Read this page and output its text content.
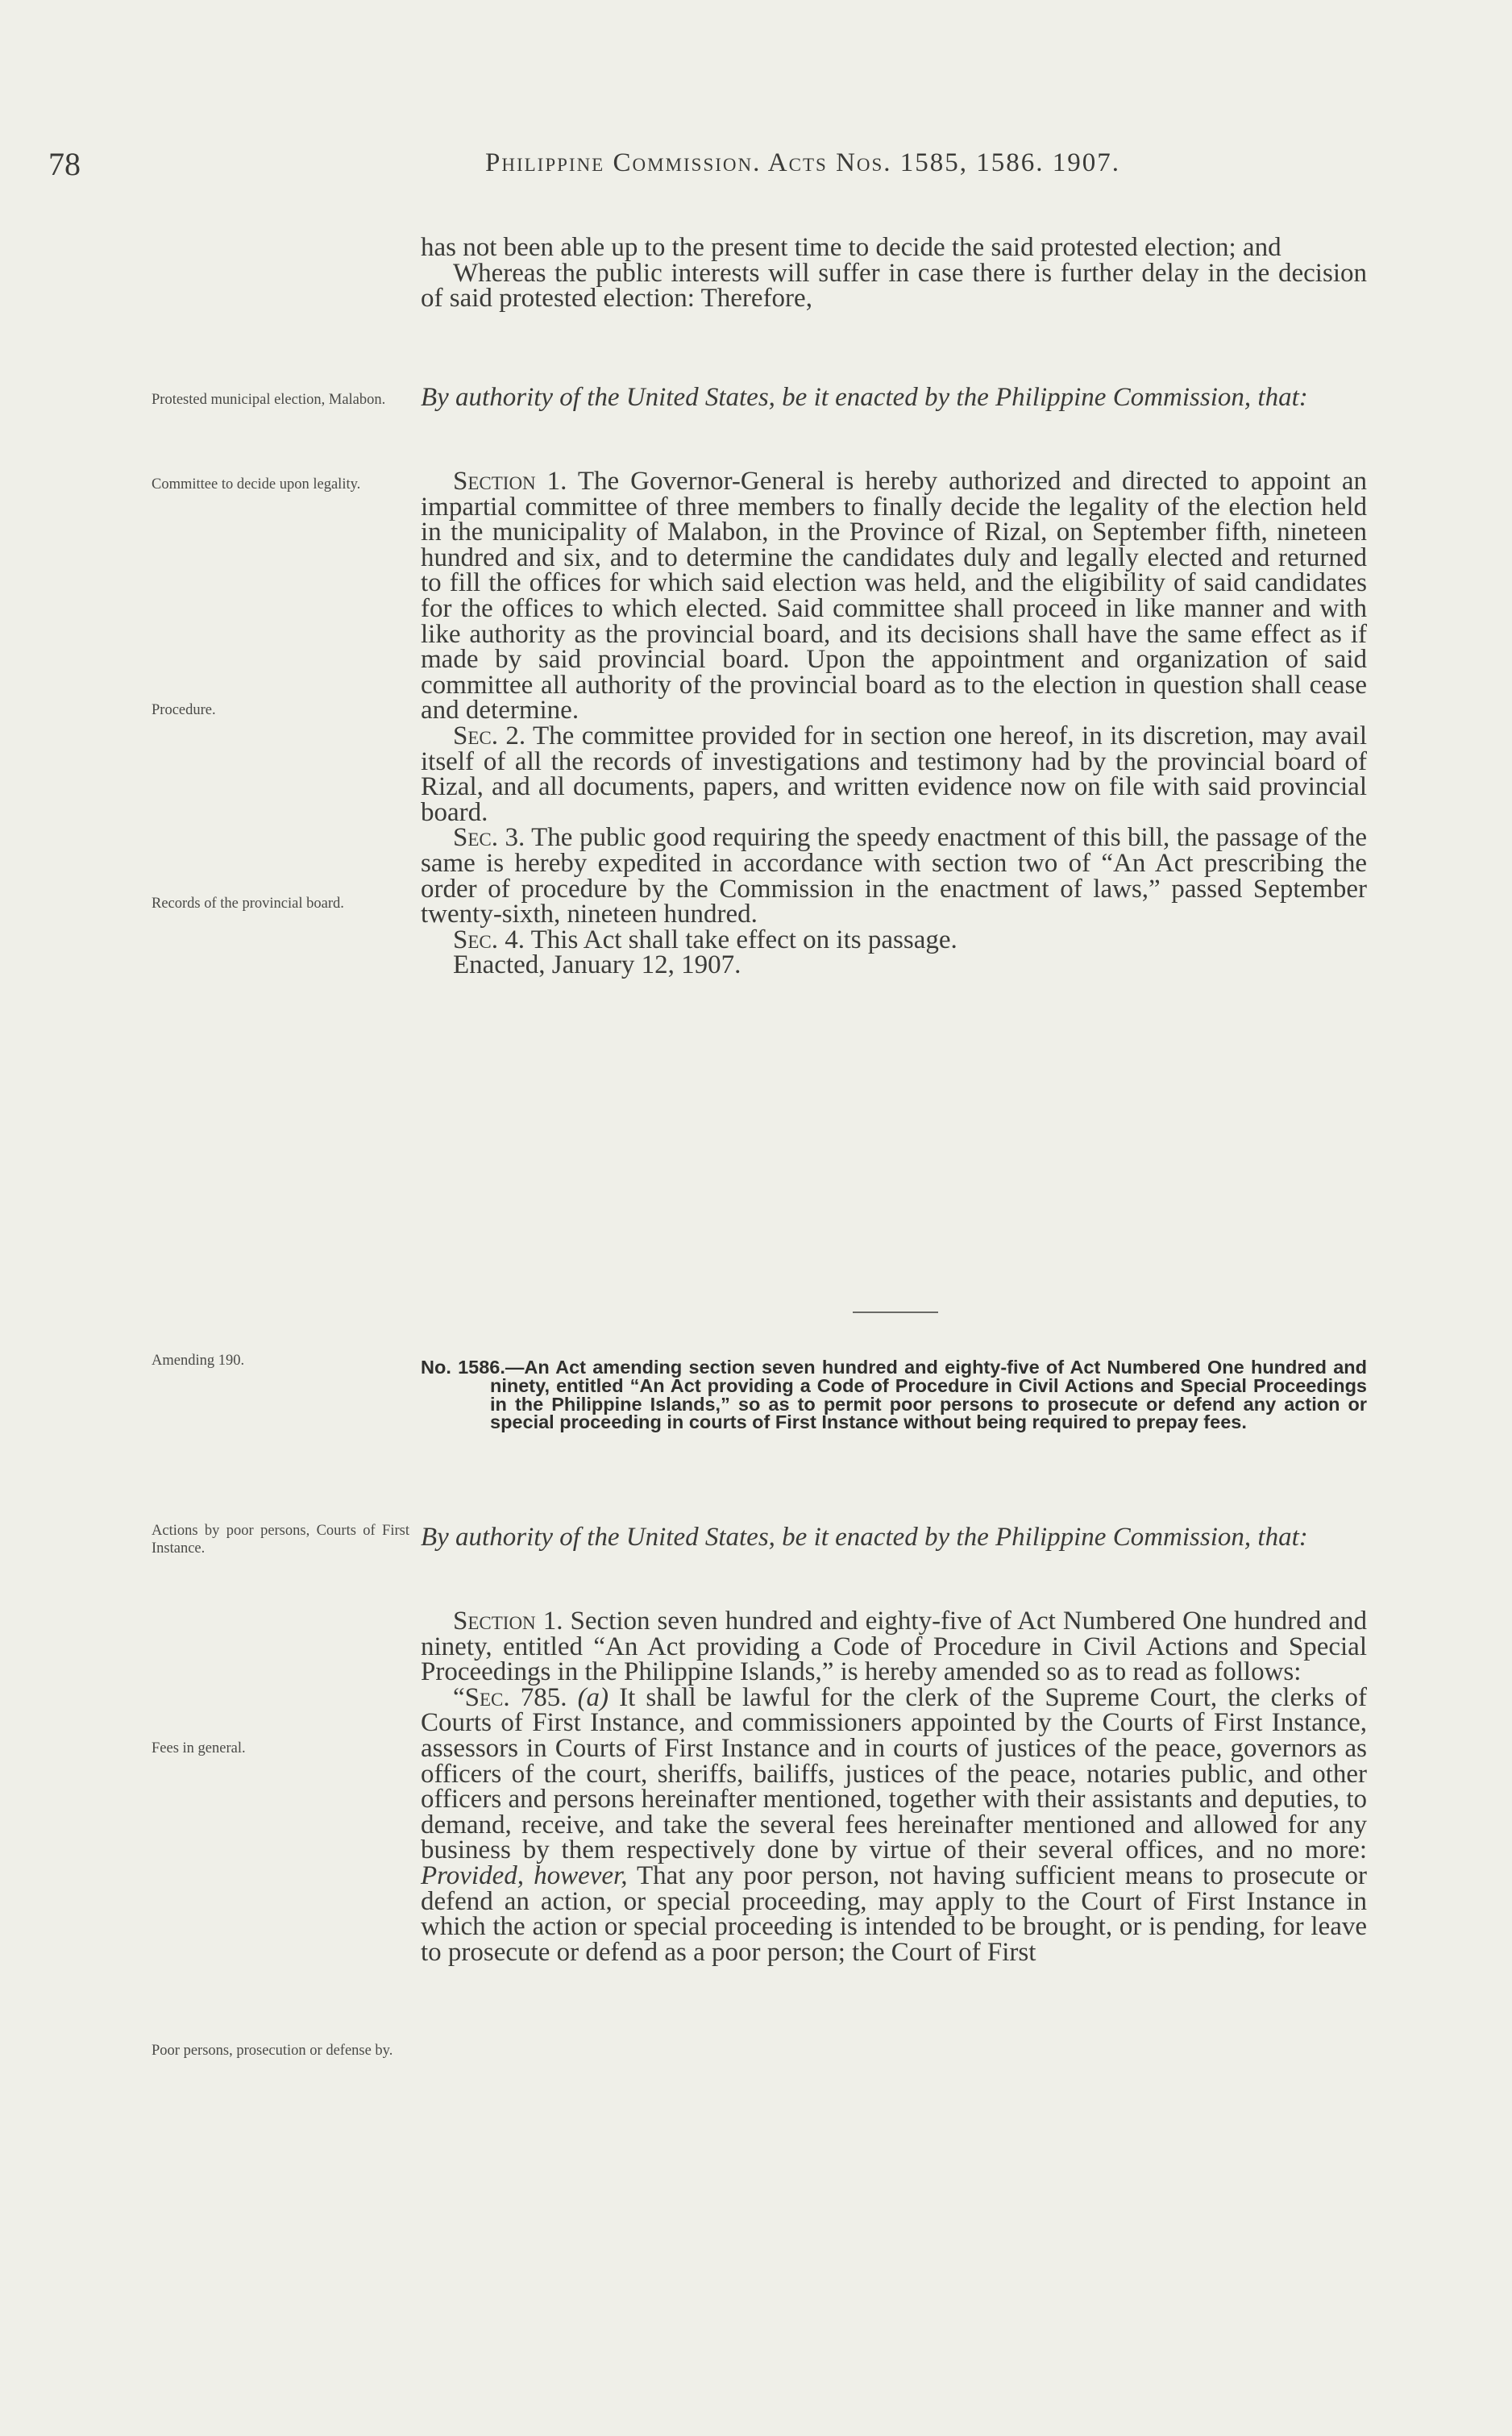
78	Philippine Commission. Acts Nos. 1585, 1586. 1907.
Protested municipal election, Malabon.
Committee to decide upon legality.
Procedure.
Records of the provincial board.
Amending 190.
Actions by poor persons, Courts of First Instance.
Fees in general.
Poor persons, prosecution or defense by.

has not been able up to the present time to decide the said protested election; and

Whereas the public interests will suffer in case there is further delay in the decision of said protested election: Therefore,

By authority of the United States, be it enacted by the Philippine Commission, that:

Section 1. The Governor-General is hereby authorized and directed to appoint an impartial committee of three members to finally decide the legality of the election held in the municipality of Malabon, in the Province of Rizal, on September fifth, nineteen hundred and six, and to determine the candidates duly and legally elected and returned to fill the offices for which said election was held, and the eligibility of said candidates for the offices to which elected. Said committee shall proceed in like manner and with like authority as the provincial board, and its decisions shall have the same effect as if made by said provincial board. Upon the appointment and organization of said committee all authority of the provincial board as to the election in question shall cease and determine.

Sec. 2. The committee provided for in section one hereof, in its discretion, may avail itself of all the records of investigations and testimony had by the provincial board of Rizal, and all documents, papers, and written evidence now on file with said provincial board.

Sec. 3. The public good requiring the speedy enactment of this bill, the passage of the same is hereby expedited in accordance with section two of “An Act prescribing the order of procedure by the Commission in the enactment of laws,” passed September twenty-sixth, nineteen hundred.

Sec. 4. This Act shall take effect on its passage.

Enacted, January 12, 1907.

No. 1586.—An Act amending section seven hundred and eighty-five of Act Numbered One hundred and ninety, entitled “An Act providing a Code of Procedure in Civil Actions and Special Proceedings in the Philippine Islands,” so as to permit poor persons to prosecute or defend any action or special proceeding in courts of First Instance without being required to prepay fees.

By authority of the United States, be it enacted by the Philippine Commission, that:

Section 1. Section seven hundred and eighty-five of Act Numbered One hundred and ninety, entitled “An Act providing a Code of Procedure in Civil Actions and Special Proceedings in the Philippine Islands,” is hereby amended so as to read as follows:

“Sec. 785. (a) It shall be lawful for the clerk of the Supreme Court, the clerks of Courts of First Instance, and commissioners appointed by the Courts of First Instance, assessors in Courts of First Instance and in courts of justices of the peace, governors as officers of the court, sheriffs, bailiffs, justices of the peace, notaries public, and other officers and persons hereinafter mentioned, together with their assistants and deputies, to demand, receive, and take the several fees hereinafter mentioned and allowed for any business by them respectively done by virtue of their several offices, and no more: Provided, however, That any poor person, not having sufficient means to prosecute or defend an action, or special proceeding, may apply to the Court of First Instance in which the action or special proceeding is intended to be brought, or is pending, for leave to prosecute or defend as a poor person; the Court of First
